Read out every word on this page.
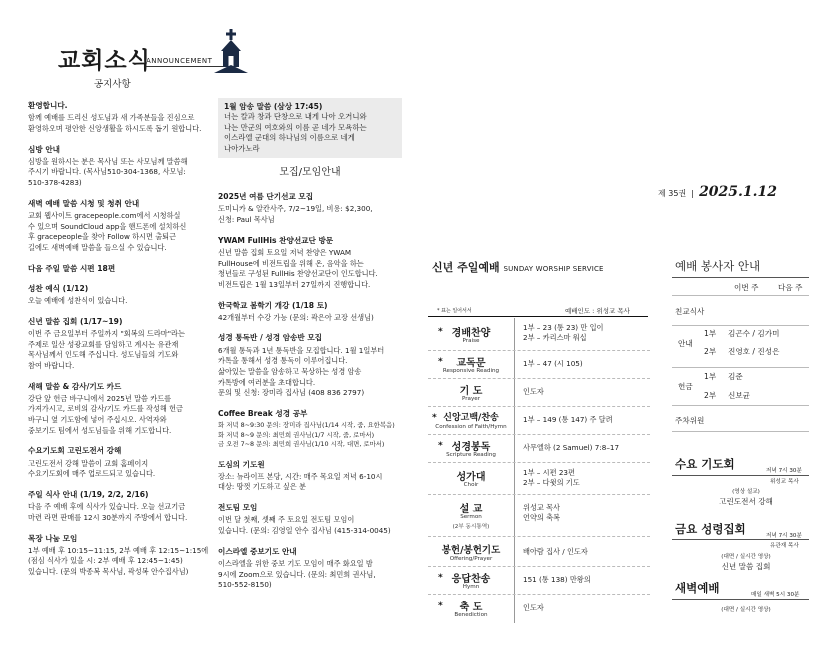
교회소식
ANNOUNCEMENT
공지사항
환영합니다.
함께 예배를 드리신 성도님과 새 가족분들을 진심으로
환영하오며 평안한 신앙생활을 하시도록 돕기 원합니다.
심방 안내
심방을 원하시는 분은 목사님 또는 사모님께 말씀해
주시기 바랍니다. (목사님510-304-1368, 사모님:
510-378-4283)
새벽 예배 말씀 시청 및 청취 안내
교회 웹사이트 gracepeople.com에서 시청하실
수 있으며 SoundCloud app을 핸드폰에 설치하신
후 gracepeople을 찾아 Follow 하시면 출퇴근
길에도 새벽예배 말씀을 들으실 수 있습니다.
다음 주일 말씀 시편 18편
성찬 예식 (1/12)
오늘 예배에 성찬식이 있습니다.
신년 말씀 집회 (1/17~19)
이번 주 금요일부터 주일까지 "회복의 드라마"라는
주제로 일산 성광교회를 담임하고 계시는 유관재
목사님께서 인도해 주십니다. 성도님들의 기도와
참여 바랍니다.
새해 말씀 & 감사/기도 카드
강단 앞 헌금 바구니에서 2025년 말씀 카드를
가져가시고, 로비의 감사/기도 카드를 작성해 헌금
바구니 옆 기도함에 넣어 주십시오. 사역자와
중보기도 팀에서 성도님들을 위해 기도합니다.
수요기도회 고린도전서 강해
고린도전서 강해 말씀이 교회 홈페이지
수요기도회에 매주 업로드되고 있습니다.
주일 식사 안내 (1/19, 2/2, 2/16)
다음 주 예배 후에 식사가 있습니다. 오늘 선교기금
마련 라면 판매를 12시 30분까지 주방에서 합니다.
목장 나눔 모임
1부 예배 후 10:15~11:15, 2부 예배 후 12:15~1:15에
(점심 식사가 있을 시: 2부 예배 후 12:45~1:45)
있습니다. (문의 박종복 목사님, 곽성복 안수집사님)
1월 암송 말씀 (삼상 17:45)
너는 칼과 창과 단창으로 내게 나아 오거니와
나는 만군의 여호와의 이름 곧 네가 모욕하는
이스라엘 군대의 하나님의 이름으로 네게
나아가노라
모집/모임안내
2025년 여름 단기선교 모집
도미니카 & 알칸사주, 7/2~19일, 비용: $2,300,
신청: Paul 목사님
YWAM FullHis 찬양선교단 방문
신년 말씀 집회 토요일 저녁 찬양은 YWAM
FullHouse에 비전트립을 위해 온, 음악을 하는
청년들로 구성된 FullHis 찬양선교단이 인도합니다.
비전트립은 1월 13일부터 27일까지 진행합니다.
한국학교 봄학기 개강 (1/18 토)
42개월부터 수강 가능 (문의: 곽은아 교장 선생님)
성경 통독반 / 성경 암송반 모집
6개월 통독과 1년 통독반을 모집합니다. 1월 1일부터
카톡을 통해서 성경 통독이 이루어집니다.
삶아있는 말씀을 암송하고 묵상하는 성경 암송
카톡방에 여러분을 초대합니다.
문의 및 신청: 장미라 집사님 (408 836 2797)
Coffee Break 성경 공부
화 저녁 8~9:30 문의: 장미라 집사님(1/14 시작, 줌, 요한복음)
화 저녁 8~9 문의: 최민희 권사님(1/7 시작, 줌, 로마서)
금 오전 7~8 문의: 최민희 권사님(1/10 시작, 대면, 로마서)
도심의 기도원
장소: 뉴라이프 본당, 시간: 매주 목요일 저녁 6-10시
대상: 땅껏 기도하고 싶은 분
전도팀 모임
이번 달 첫째, 셋째 주 토요일 전도팀 모임이
있습니다. (문의: 김영일 안수 집사님 (415-314-0045)
이스라엘 중보기도 안내
이스라엘을 위한 중보 기도 모임이 매주 화요일 밤
9시에 Zoom으로 있습니다. (문의: 최민희 권사님,
510-552-8150)
제 35권  |  2025.1.12
신년 주일예배 SUNDAY WORSHIP SERVICE
* 표는 일어서서	예배인도 : 위성교 목사
* 경배찬양
Praise
1부 – 23 (통 23) 만 입이
2부 – 카리스마 워십
*	교독문
Responsive Reading
1부 – 47 (시 105)
기 도
Prayer
인도자
* 신앙고백/찬송
Confession of Faith/Hymn
1부 – 149 (통 147) 주 달려
* 성경봉독
Scripture Reading
사무엘하 (2 Samuel) 7:8–17
성가대
Choir
1부 – 시편 23편
2부 – 다윗의 기도
설 교
Sermon
(2부 동시통역)
위성교 목사
언약의 축복
봉헌/봉헌기도
Offering/Prayer
배아람 집사 / 인도자
* 응답찬송
Hymn
151 (통 138) 만왕의
*	축 도
Benediction
인도자
예배 봉사자 안내
이번 주	다음 주
친교식사
안내
1부 김곤수 / 김가미
2부 진영호 / 진성은
헌금
1부 김준
2부 신보균
주차위원
수요 기도회	저녁 7시 30분
위성교 목사
(영상 설교)
고린도전서 강해
금요 성령집회	저녁 7시 30분
유관재 목사
(대면 / 실시간 영상)
신년 말씀 집회
새벽예배	매일 새벽 5시 30분
(대면 / 실시간 영상)
